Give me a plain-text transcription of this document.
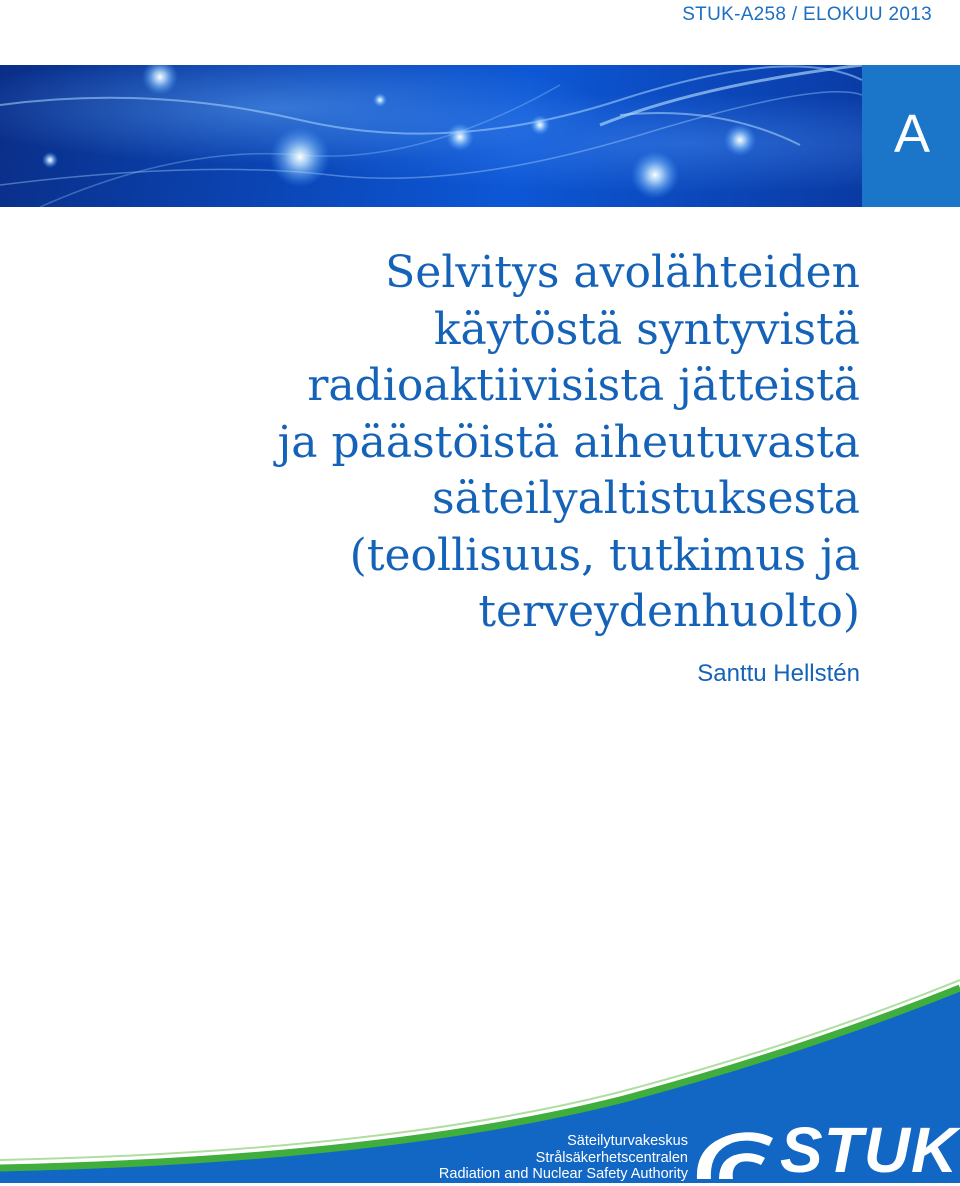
STUK-A258 / ELOKUU 2013
A
Selvitys avolähteiden
käytöstä syntyvistä
radioaktiivisista jätteistä
ja päästöistä aiheutuvasta
säteilyaltistuksesta
(teollisuus, tutkimus ja
terveydenhuolto)
Santtu Hellstén
Säteilyturvakeskus
Strålsäkerhetscentralen
Radiation and Nuclear Safety Authority STUK
